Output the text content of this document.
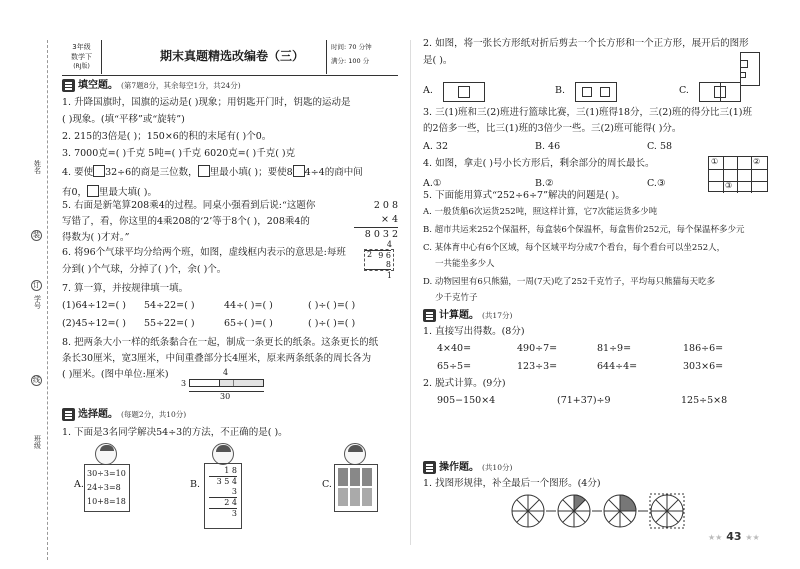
姓名
装
学号
订
线
班级
3年级
数学下
(RJ版)
期末真题精选改编卷（三）
时间: 70 分钟
满分: 100 分
填空题。 (第7题8分，其余每空1分，共24分)
1. 升降国旗时，国旗的运动是( )现象；用钥匙开门时，钥匙的运动是
( )现象。(填“平移”或“旋转”)
2. 215的3倍是( )；150×6的积的末尾有( )个0。
3. 7000克=( )千克 5吨=( )千克 6020克=( )千克( )克
4. 要使 32÷6的商是三位数， 里最小填( )；要使8 4÷4的商中间
有0， 里最大填( )。
5. 右面是新笔算208乘4的过程。同桌小强看到后说:“这题你
写错了，看，你这里的4乘208的‘2’等于8个( )，208乘4的
得数为( )才对。”
2 0 8
× 4
8 0 3 2
6. 将96个气球平均分给两个班，如图，虚线框内表示的意思是:每班
分到( )个气球，分掉了( )个，余( )个。
4
2 9 6
8
1
7. 算一算，并按规律填一填。
(1)64÷12=( )	54÷22=( )	44÷( )=( )	( )÷( )=( )
(2)45÷12=( )	55÷22=( )	65÷( )=( )	( )÷( )=( )
8. 把两条大小一样的纸条黏合在一起，制成一条更长的纸条。这条更长的纸
条长30厘米，宽3厘米，中间重叠部分长4厘米，原来两条纸条的周长各为
( )厘米。(图中单位:厘米)	4
3
30
选择题。 (每题2分，共10分)
1. 下面是3名同学解决54÷3的方法，不正确的是( )。
A.
30÷3=10
24÷3=8
10+8=18
B.
1 8
3 5 4
3
2 4
3
C.
2. 如图，将一张长方形纸对折后剪去一个长方形和一个正方形，展开后的图形
是( )。
A.	B.	C.
3. 三(1)班和三(2)班进行篮球比赛，三(1)班得18分，三(2)班的得分比三(1)班
的2倍多一些，比三(1)班的3倍少一些。三(2)班可能得( )分。
A. 32	B. 46	C. 58
4. 如图，拿走( )号小长方形后，剩余部分的周长最长。
A.①	B.②	C.③
①	②
③
5. 下面能用算式“252÷6÷7”解决的问题是( )。
A. 一般货船6次运货252吨，照这样计算，它7次能运货多少吨
B. 超市共运来252个保温杯，每盒装6个保温杯，每盒售价252元，每个保温杯多少元
C. 某体育中心有6个区域，每个区域平均分成7个看台，每个看台可以坐252人，
一共能坐多少人
D. 动物园里有6只熊猫，一周(7天)吃了252千克竹子，平均每只熊猫每天吃多
少千克竹子
计算题。 (共17分)
1. 直接写出得数。(8分)
4×40=	490÷7=	81÷9=	186÷6=
65÷5=	123÷3=	644÷4=	303×6=
2. 脱式计算。(9分)
905−150×4	(71+37)÷9	125÷5×8
操作题。 (共10分)
1. 找图形规律，补全最后一个图形。(4分)
★★ 43 ★★
